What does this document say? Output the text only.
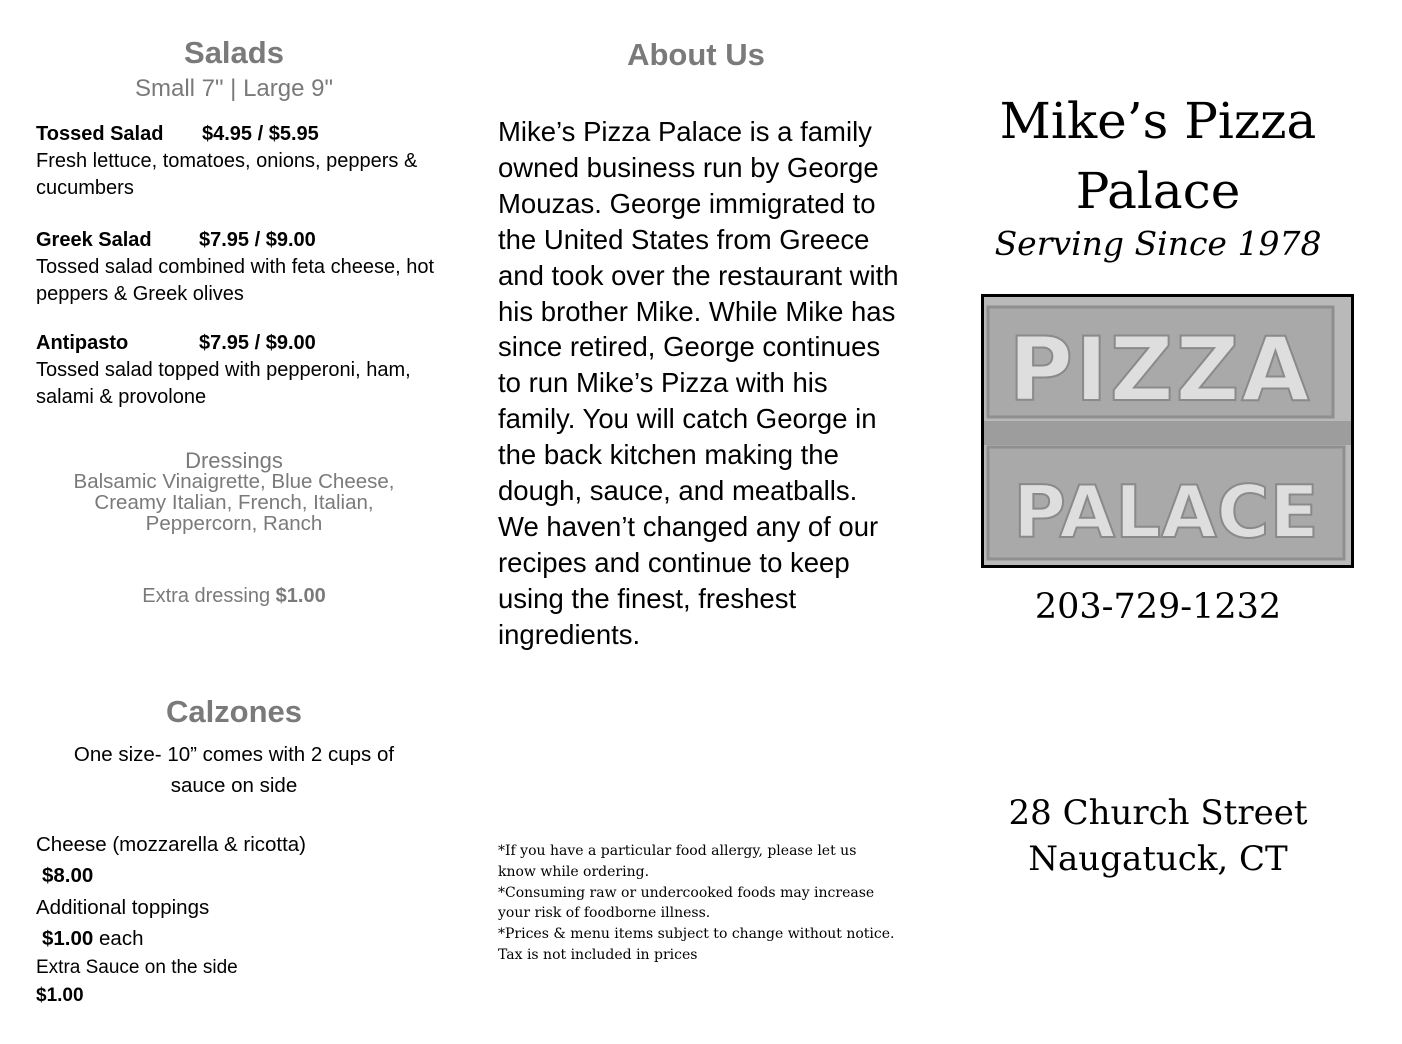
Salads
Small 7" | Large 9"
Tossed Salad $4.95 / $5.95
Fresh lettuce, tomatoes, onions, peppers & cucumbers
Greek Salad $7.95 / $9.00
Tossed salad combined with feta cheese, hot peppers & Greek olives
Antipasto	$7.95 / $9.00
Tossed salad topped with pepperoni, ham, salami & provolone
Dressings
Balsamic Vinaigrette, Blue Cheese, Creamy Italian, French, Italian, Peppercorn, Ranch
Extra dressing $1.00
Calzones
One size- 10” comes with 2 cups of sauce on side
Cheese (mozzarella & ricotta)
$8.00
Additional toppings
$1.00 each
Extra Sauce on the side
$1.00
About Us

Mike’s Pizza Palace is a family owned business run by George Mouzas. George immigrated to the United States from Greece and took over the restaurant with his brother Mike. While Mike has since retired, George continues to run Mike’s Pizza with his family. You will catch George in the back kitchen making the dough, sauce, and meatballs.

We haven’t changed any of our recipes and continue to keep using the finest, freshest ingredients.

*If you have a particular food allergy, please let us know while ordering.

*Consuming raw or undercooked foods may increase your risk of foodborne illness.

*Prices & menu items subject to change without notice. Tax is not included in prices

Mike’s Pizza Palace
Serving Since 1978
PIZZA
PALACE
203-729-1232
28 Church Street
Naugatuck, CT
